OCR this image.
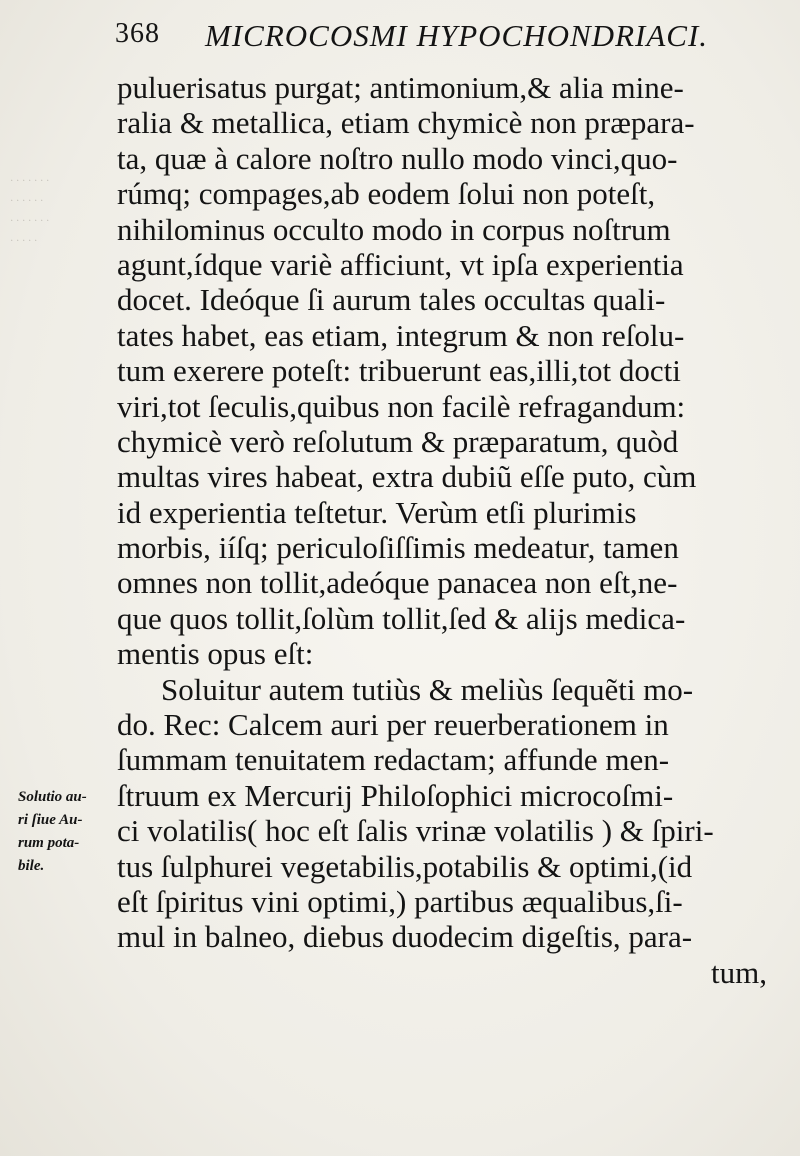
· · · · · · ·
· · · · · ·
· · · · · · ·
· · · · ·
368 MICROCOSMI HYPOCHONDRIACI.
Solutio au-
ri ſiue Au-
rum pota-
bile.
puluerisatus purgat; antimonium,& alia mine-
ralia & metallica, etiam chymicè non præpara-
ta, quæ à calore noſtro nullo modo vinci,quo-
rúmq; compages,ab eodem ſolui non poteſt,
nihilominus occulto modo in corpus noſtrum
agunt,ídque variè afficiunt, vt ipſa experientia
docet. Ideóque ſi aurum tales occultas quali-
tates habet, eas etiam, integrum & non reſolu-
tum exerere poteſt: tribuerunt eas,illi,tot docti
viri,tot ſeculis,quibus non facilè refragandum:
chymicè verò reſolutum & præparatum, quòd
multas vires habeat, extra dubiũ eſſe puto, cùm
id experientia teſtetur. Verùm etſi plurimis
morbis, iíſq; periculoſiſſimis medeatur, tamen
omnes non tollit,adeóque panacea non eſt,ne-
que quos tollit,ſolùm tollit,ſed & alijs medica-
mentis opus eſt:
Soluitur autem tutiùs & meliùs ſequẽti mo-
do. Rec: Calcem auri per reuerberationem in
ſummam tenuitatem redactam; affunde men-
ſtruum ex Mercurij Philoſophici microcoſmi-
ci volatilis( hoc eſt ſalis vrinæ volatilis ) & ſpiri-
tus ſulphurei vegetabilis,potabilis & optimi,(id
eſt ſpiritus vini optimi,) partibus æqualibus,ſi-
mul in balneo, diebus duodecim digeſtis, para-
tum,
